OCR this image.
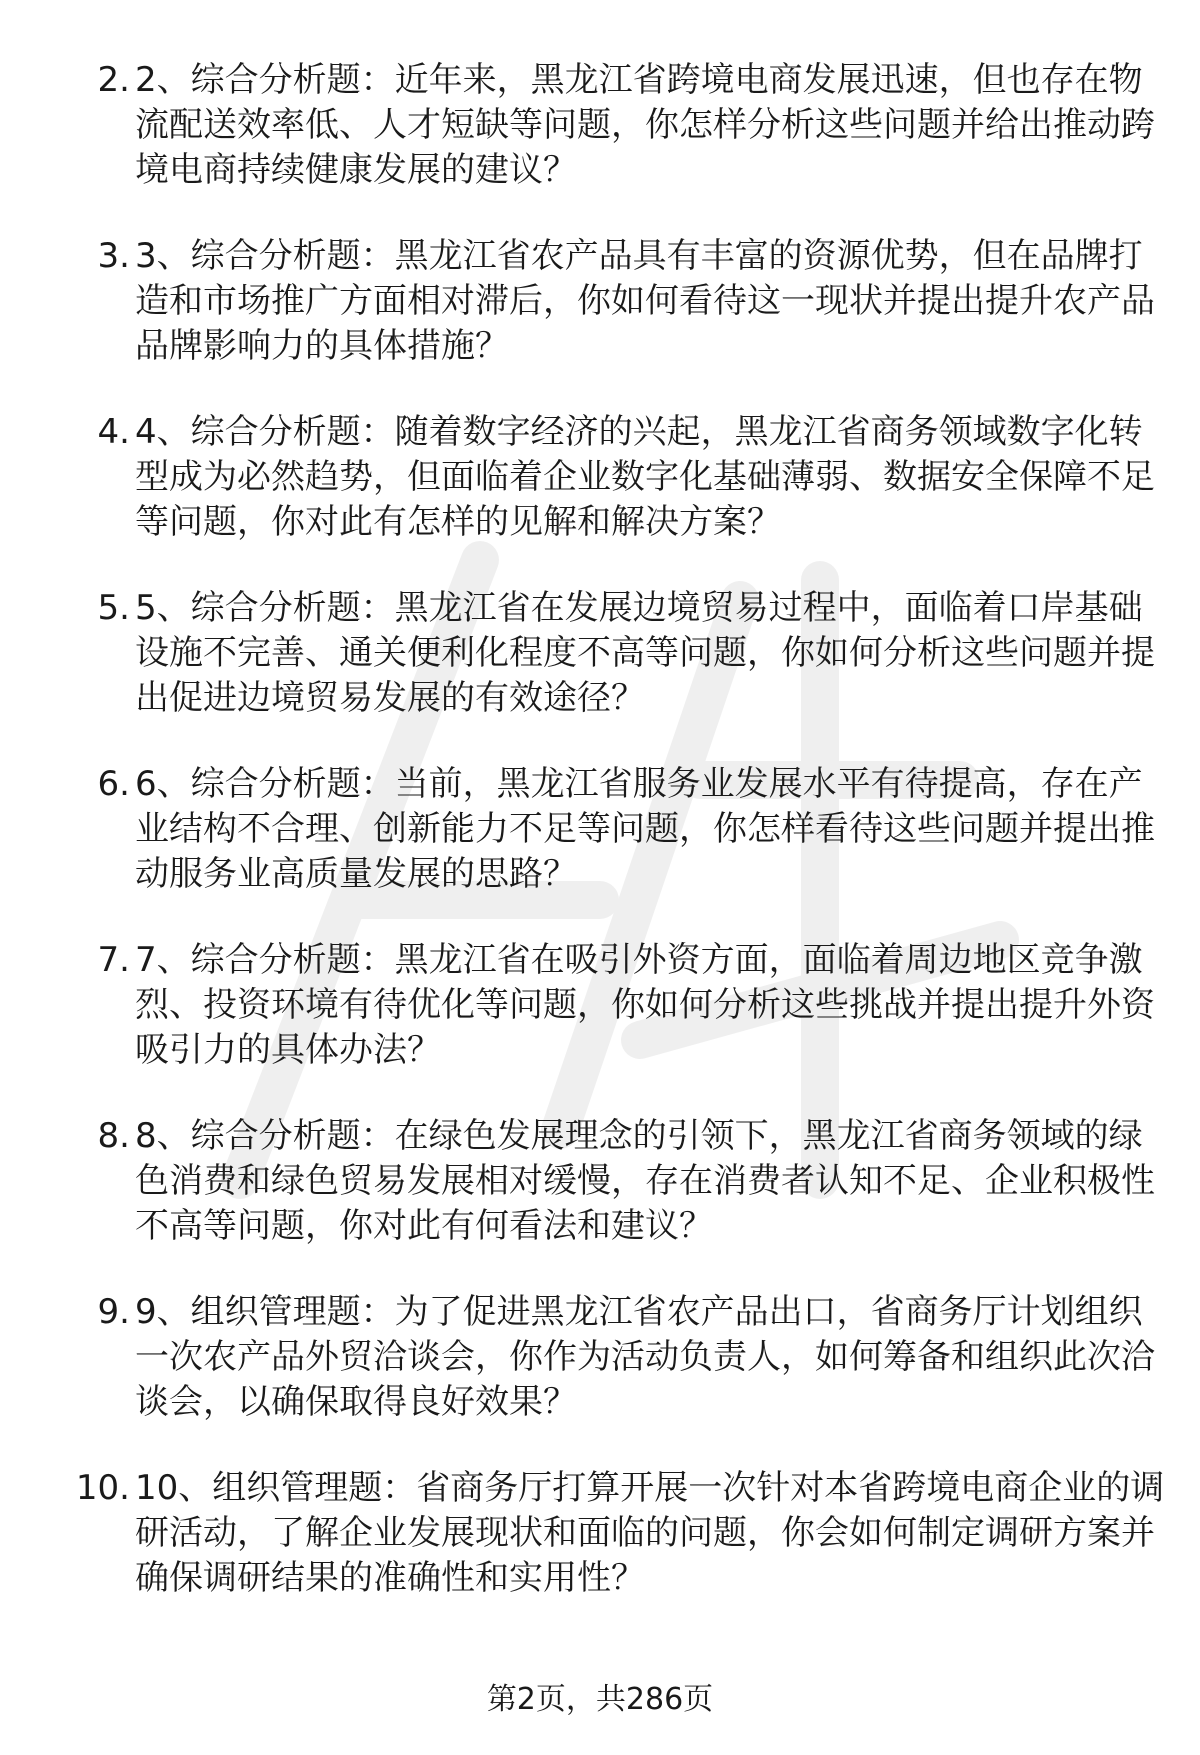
2. 2、综合分析题：近年来，黑龙江省跨境电商发展迅速，但也存在物流配送效率低、人才短缺等问题，你怎样分析这些问题并给出推动跨境电商持续健康发展的建议？
3. 3、综合分析题：黑龙江省农产品具有丰富的资源优势，但在品牌打造和市场推广方面相对滞后，你如何看待这一现状并提出提升农产品品牌影响力的具体措施？
4. 4、综合分析题：随着数字经济的兴起，黑龙江省商务领域数字化转型成为必然趋势，但面临着企业数字化基础薄弱、数据安全保障不足等问题，你对此有怎样的见解和解决方案？
5. 5、综合分析题：黑龙江省在发展边境贸易过程中，面临着口岸基础设施不完善、通关便利化程度不高等问题，你如何分析这些问题并提出促进边境贸易发展的有效途径？
6. 6、综合分析题：当前，黑龙江省服务业发展水平有待提高，存在产业结构不合理、创新能力不足等问题，你怎样看待这些问题并提出推动服务业高质量发展的思路？
7. 7、综合分析题：黑龙江省在吸引外资方面，面临着周边地区竞争激烈、投资环境有待优化等问题，你如何分析这些挑战并提出提升外资吸引力的具体办法？
8. 8、综合分析题：在绿色发展理念的引领下，黑龙江省商务领域的绿色消费和绿色贸易发展相对缓慢，存在消费者认知不足、企业积极性不高等问题，你对此有何看法和建议？
9. 9、组织管理题：为了促进黑龙江省农产品出口，省商务厅计划组织一次农产品外贸洽谈会，你作为活动负责人，如何筹备和组织此次洽谈会，以确保取得良好效果？
10. 10、组织管理题：省商务厅打算开展一次针对本省跨境电商企业的调研活动，了解企业发展现状和面临的问题，你会如何制定调研方案并确保调研结果的准确性和实用性？
第2页，共286页
